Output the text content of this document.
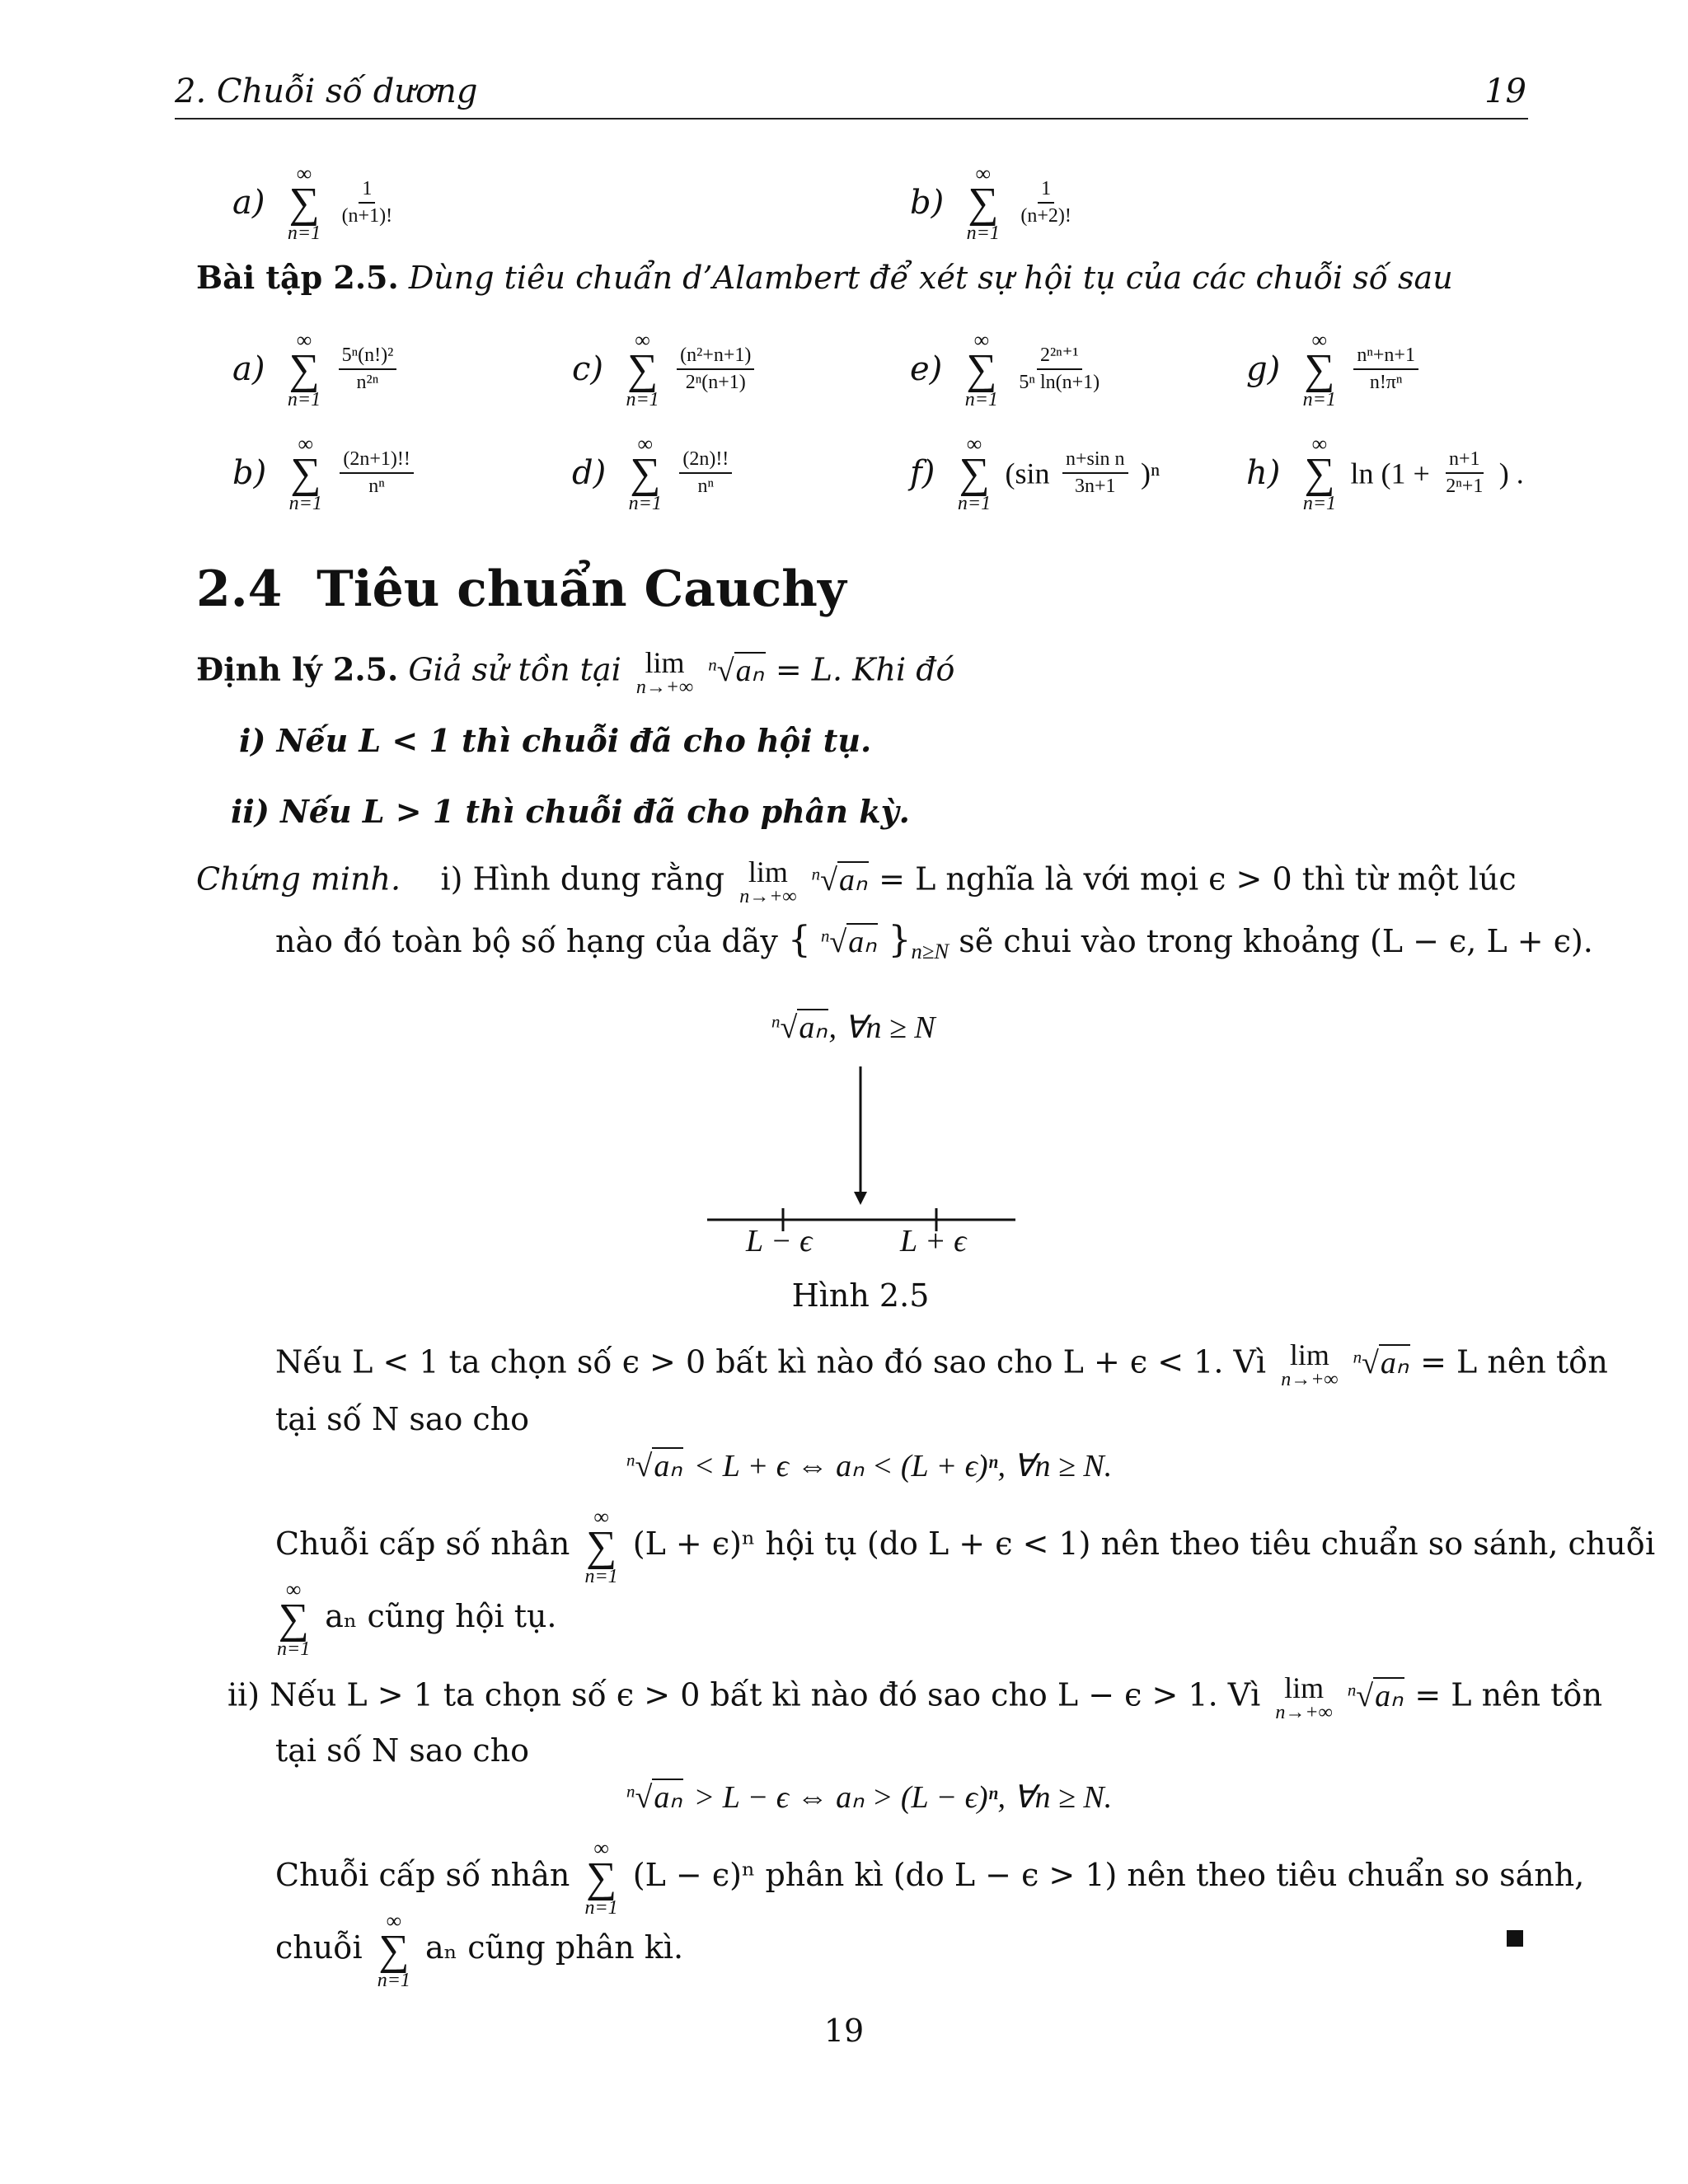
2. Chuỗi số dương	19
a)
∞
∑
n=1

$\frac{1}{(n+1)!}$	b)
∞
∑
n=1

$\frac{1}{(n+2)!}$
Bài tập 2.5. Dùng tiêu chuẩn d’Alambert để xét sự hội tụ của các chuỗi số sau
a)
∞
∑
n=1

$\frac{\text{5ⁿ(n!)²}}{\text{n²ⁿ}}$	c)
∞
∑
n=1

$\frac{\text{(n²+n+1)}}{\text{2ⁿ(n+1)}}$	e)
∞
∑
n=1

$\frac{\text{2²ⁿ⁺¹}}{\text{5ⁿ ln(n+1)}}$	g)
∞
∑
n=1

$\frac{\text{nⁿ+n+1}}{\text{n!πⁿ}}$
b)
∞
∑
n=1

$\frac{(2n+1)!!}{\text{nⁿ}}$	d)
∞
∑
n=1

$\frac{(2n)!!}{\text{nⁿ}}$	f)
∞
∑
n=1
$(\sin \frac{\text{n+sin n}}{3n+1} )^n$	h)
∞
∑
n=1
$\ln (1 + \frac{n+1}{\text{2ⁿ+1}}$ ) .
2.4 Tiêu chuẩn Cauchy
Định lý 2.5. Giả sử tồn tại lim
n→+∞
$^n$√aₙ = L. Khi đó
i) Nếu L < 1 thì chuỗi đã cho hội tụ.
ii) Nếu L > 1 thì chuỗi đã cho phân kỳ.
Chứng minh. i) Hình dung rằng lim
n→+∞
$^n$√aₙ = L nghĩa là với mọi ϵ > 0 thì từ một lúc
nào đó toàn bộ số hạng của dãy { $^n$√aₙ }$_{n\ge N}$ sẽ chui vào trong khoảng (L − ϵ, L + ϵ).
$^n$√aₙ, ∀n ≥ N
L − ϵ	L + ϵ
Hình 2.5
Nếu L < 1 ta chọn số ϵ > 0 bất kì nào đó sao cho L + ϵ < 1. Vì lim
n→+∞
$^n$√aₙ = L nên tồn
tại số N sao cho
$^n$√aₙ < L + ϵ ⇔ aₙ < (L + ϵ)ⁿ, ∀n ≥ N.
Chuỗi cấp số nhân
∞
∑
n=1
(L + ϵ)ⁿ hội tụ (do L + ϵ < 1) nên theo tiêu chuẩn so sánh, chuỗi
∞
∑
n=1
aₙ cũng hội tụ.
ii) Nếu L > 1 ta chọn số ϵ > 0 bất kì nào đó sao cho L − ϵ > 1. Vì lim
n→+∞
$^n$√aₙ = L nên tồn
tại số N sao cho
$^n$√aₙ > L − ϵ ⇔ aₙ > (L − ϵ)ⁿ, ∀n ≥ N.
Chuỗi cấp số nhân
∞
∑
n=1
(L − ϵ)ⁿ phân kì (do L − ϵ > 1) nên theo tiêu chuẩn so sánh,
chuỗi
∞
∑
n=1
aₙ cũng phân kì.
19
